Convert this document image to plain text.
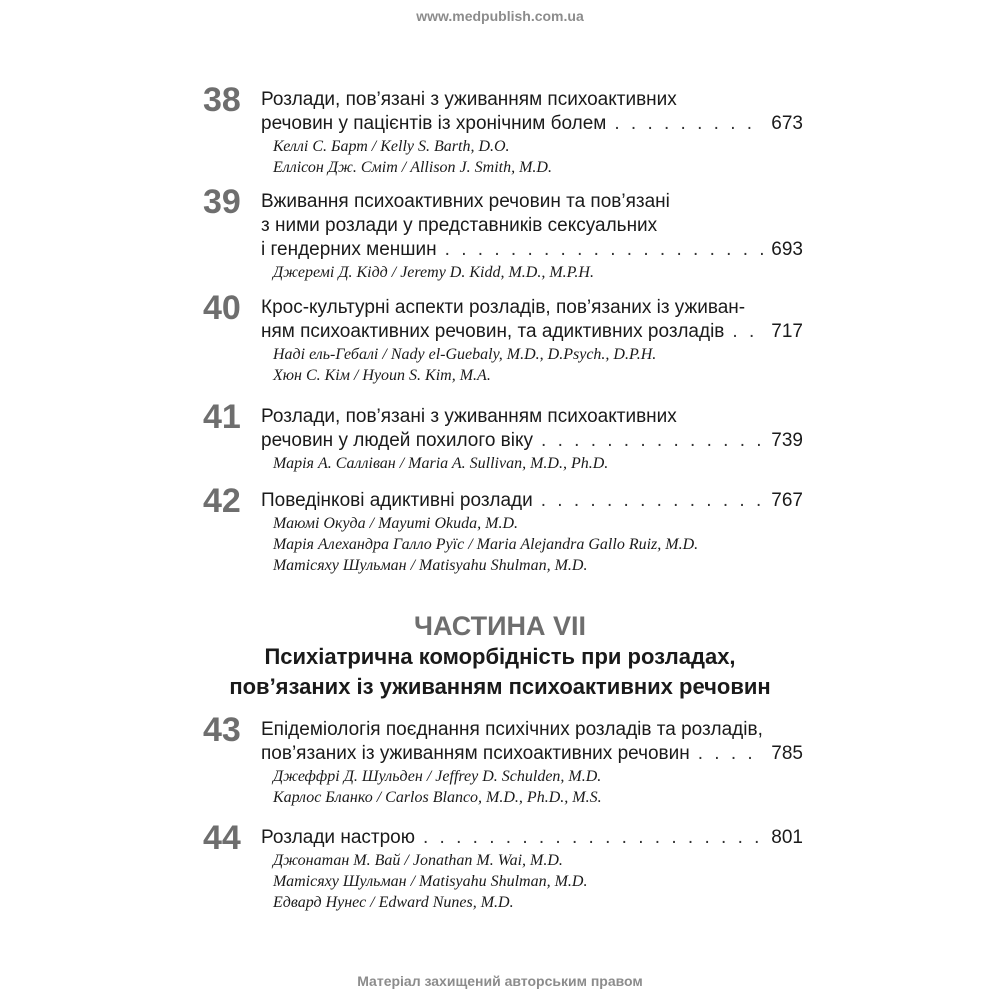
www.medpublish.com.ua
38 Розлади, пов’язані з уживанням психоактивних
речовин у пацієнтів із хронічним болем . . .	673
Келлі С. Барт / Kelly S. Barth, D.O.
Еллісон Дж. Сміт / Allison J. Smith, M.D.
39 Вживання психоактивних речовин та пов’язані
з ними розлади у представників сексуальних
і гендерних меншин . . .	693
Джеремі Д. Кідд / Jeremy D. Kidd, M.D., M.P.H.
40 Крос-культурні аспекти розладів, пов’язаних із уживан-
ням психоактивних речовин, та адиктивних розладів . . . 717
Наді ель-Гебалі / Nady el-Guebaly, M.D., D.Psych., D.P.H.
Хюн С. Кім / Hyoun S. Kim, M.A.
41 Розлади, пов’язані з уживанням психоактивних
речовин у людей похилого віку . . .	739
Марія А. Салліван / Maria A. Sullivan, M.D., Ph.D.
42 Поведінкові адиктивні розлади . . .	767
Маюмі Окуда / Mayumi Okuda, M.D.
Марія Алехандра Галло Руїс / Maria Alejandra Gallo Ruiz, M.D.
Матісяху Шульман / Matisyahu Shulman, M.D.
ЧАСТИНА VII
Психіатрична коморбідність при розладах,
пов’язаних із уживанням психоактивних речовин
43 Епідеміологія поєднання психічних розладів та розладів,
пов’язаних із уживанням психоактивних речовин . . .	785
Джеффрі Д. Шульден / Jeffrey D. Schulden, M.D.
Карлос Бланко / Carlos Blanco, M.D., Ph.D., M.S.
44 Розлади настрою . . .	801
Джонатан М. Вай / Jonathan M. Wai, M.D.
Матісяху Шульман / Matisyahu Shulman, M.D.
Едвард Нунес / Edward Nunes, M.D.
Матеріал захищений авторським правом
